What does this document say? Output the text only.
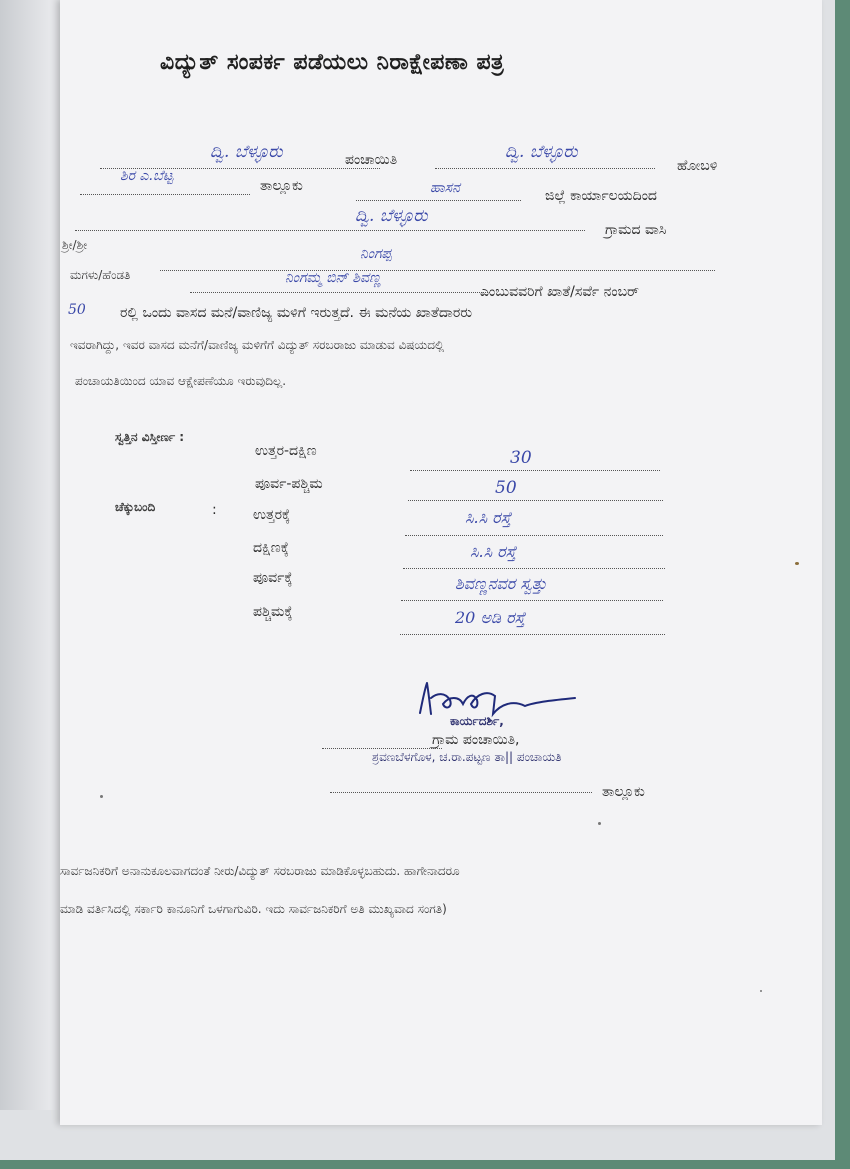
ವಿದ್ಯುತ್ ಸಂಪರ್ಕ ಪಡೆಯಲು ನಿರಾಕ್ಷೇಪಣಾ ಪತ್ರ
ದ್ವಿ. ಬೆಳ್ಳೂರು	ಪಂಚಾಯಿತಿ	ದ್ವಿ. ಬೆಳ್ಳೂರು
ಹೋಬಳಿ
ಶಿರ ಎ.ಬೆಟ್ಟ
ತಾಲ್ಲೂಕು	ಹಾಸನ	ಜಿಲ್ಲೆ ಕಾರ್ಯಾಲಯದಿಂದ
ದ್ವಿ. ಬೆಳ್ಳೂರು
ಗ್ರಾಮದ ವಾಸಿ
ಶ್ರೀ/ಶ್ರೀ
ನಿಂಗಪ್ಪ
ಮಗಳು/ಹೆಂಡತಿ	ನಿಂಗಮ್ಮ ಬಿನ್ ಶಿವಣ್ಣ
ಎಂಬುವವರಿಗೆ ಖಾತೆ/ಸರ್ವೆ ನಂಬರ್
50 ರಲ್ಲಿ ಒಂದು ವಾಸದ ಮನೆ/ವಾಣಿಜ್ಯ ಮಳಿಗೆ ಇರುತ್ತದೆ. ಈ ಮನೆಯ ಖಾತೆದಾರರು
ಇವರಾಗಿದ್ದು, ಇವರ ವಾಸದ ಮನೆಗೆ/ವಾಣಿಜ್ಯ ಮಳಿಗೆಗೆ ವಿದ್ಯುತ್ ಸರಬರಾಜು ಮಾಡುವ ವಿಷಯದಲ್ಲಿ
ಪಂಚಾಯತಿಯಿಂದ ಯಾವ ಆಕ್ಷೇಪಣೆಯೂ ಇರುವುದಿಲ್ಲ.
ಸ್ವತ್ತಿನ ವಿಸ್ತೀರ್ಣ :
ಉತ್ತರ-ದಕ್ಷಿಣ	30
ಪೂರ್ವ-ಪಶ್ಚಿಮ	50
ಚೆಕ್ಕುಬಂದಿ	:	ಉತ್ತರಕ್ಕೆ	ಸಿ.ಸಿ ರಸ್ತೆ
ದಕ್ಷಿಣಕ್ಕೆ	ಸಿ.ಸಿ ರಸ್ತೆ
ಪೂರ್ವಕ್ಕೆ	ಶಿವಣ್ಣನವರ ಸ್ವತ್ತು
ಪಶ್ಚಿಮಕ್ಕೆ	20 ಅಡಿ ರಸ್ತೆ
ಕಾರ್ಯದರ್ಶಿ,
ಗ್ರಾಮ ಪಂಚಾಯಿತಿ,
ಶ್ರವಣಬೆಳಗೊಳ, ಚ.ರಾ.ಪಟ್ಟಣ ತಾ|| ಪಂಚಾಯತಿ
ತಾಲ್ಲೂಕು
ಸಾರ್ವಜನಿಕರಿಗೆ ಅನಾನುಕೂಲವಾಗದಂತೆ ನೀರು/ವಿದ್ಯುತ್ ಸರಬರಾಜು ಮಾಡಿಕೊಳ್ಳಬಹುದು. ಹಾಗೇನಾದರೂ
ಮಾಡಿ ವರ್ತಿಸಿದಲ್ಲಿ ಸರ್ಕಾರಿ ಕಾನೂನಿಗೆ ಒಳಗಾಗುವಿರಿ. ಇದು ಸಾರ್ವಜನಿಕರಿಗೆ ಅತಿ ಮುಖ್ಯವಾದ ಸಂಗತಿ)
